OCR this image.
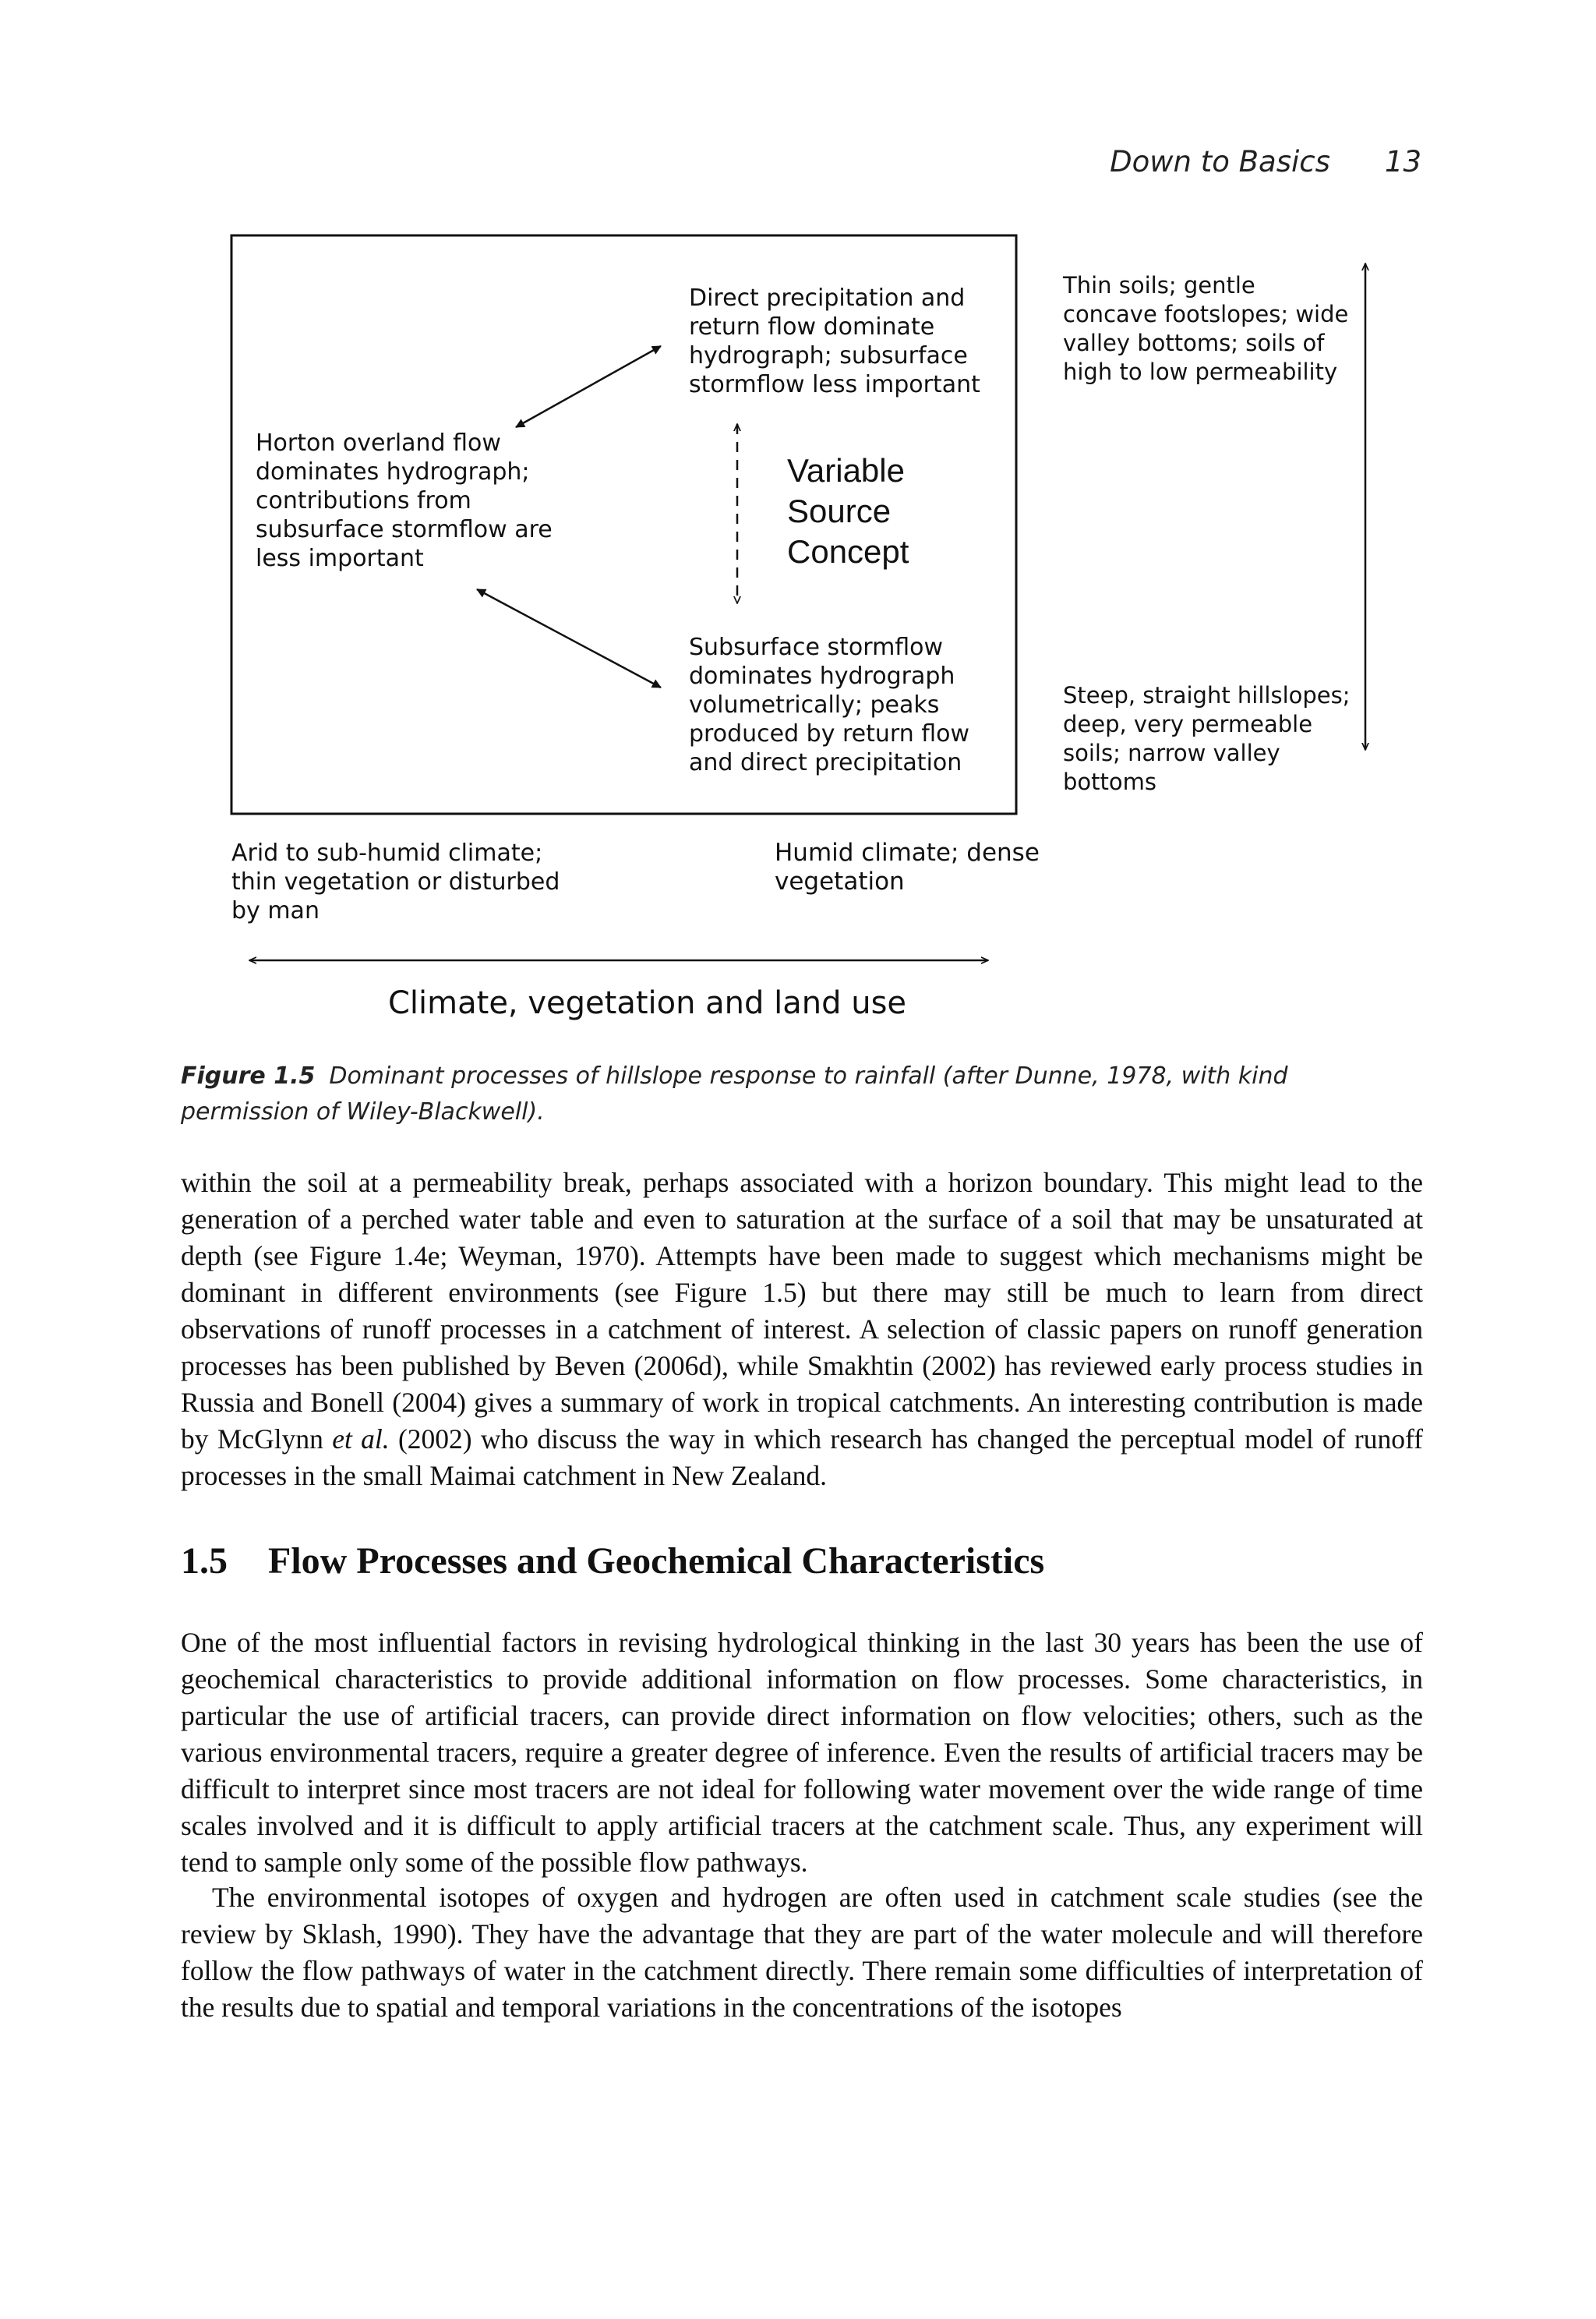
Down to Basics 13
Direct precipitation and
return flow dominate
hydrograph; subsurface
stormflow less important
Horton overland flow
dominates hydrograph;
contributions from
subsurface stormflow are
less important
Variable
Source
Concept
Subsurface stormflow
dominates hydrograph
volumetrically; peaks
produced by return flow
and direct precipitation
Thin soils; gentle
concave footslopes; wide
valley bottoms; soils of
high to low permeability
Steep, straight hillslopes;
deep, very permeable
soils; narrow valley
bottoms
Arid to sub-humid climate;
thin vegetation or disturbed
by man
Humid climate; dense
vegetation
Climate, vegetation and land use
Figure 1.5 Dominant processes of hillslope response to rainfall (after Dunne, 1978, with kind permission of Wiley-Blackwell).

within the soil at a permeability break, perhaps associated with a horizon boundary. This might lead to the generation of a perched water table and even to saturation at the surface of a soil that may be unsaturated at depth (see Figure 1.4e; Weyman, 1970). Attempts have been made to suggest which mechanisms might be dominant in different environments (see Figure 1.5) but there may still be much to learn from direct observations of runoff processes in a catchment of interest. A selection of classic papers on runoff generation processes has been published by Beven (2006d), while Smakhtin (2002) has reviewed early process studies in Russia and Bonell (2004) gives a summary of work in tropical catchments. An interesting contribution is made by McGlynn et al. (2002) who discuss the way in which research has changed the perceptual model of runoff processes in the small Maimai catchment in New Zealand.

1.5 Flow Processes and Geochemical Characteristics

One of the most influential factors in revising hydrological thinking in the last 30 years has been the use of geochemical characteristics to provide additional information on flow processes. Some characteristics, in particular the use of artificial tracers, can provide direct information on flow velocities; others, such as the various environmental tracers, require a greater degree of inference. Even the results of artificial tracers may be difficult to interpret since most tracers are not ideal for following water movement over the wide range of time scales involved and it is difficult to apply artificial tracers at the catchment scale. Thus, any experiment will tend to sample only some of the possible flow pathways.

The environmental isotopes of oxygen and hydrogen are often used in catchment scale studies (see the review by Sklash, 1990). They have the advantage that they are part of the water molecule and will therefore follow the flow pathways of water in the catchment directly. There remain some difficulties of interpretation of the results due to spatial and temporal variations in the concentrations of the isotopes
